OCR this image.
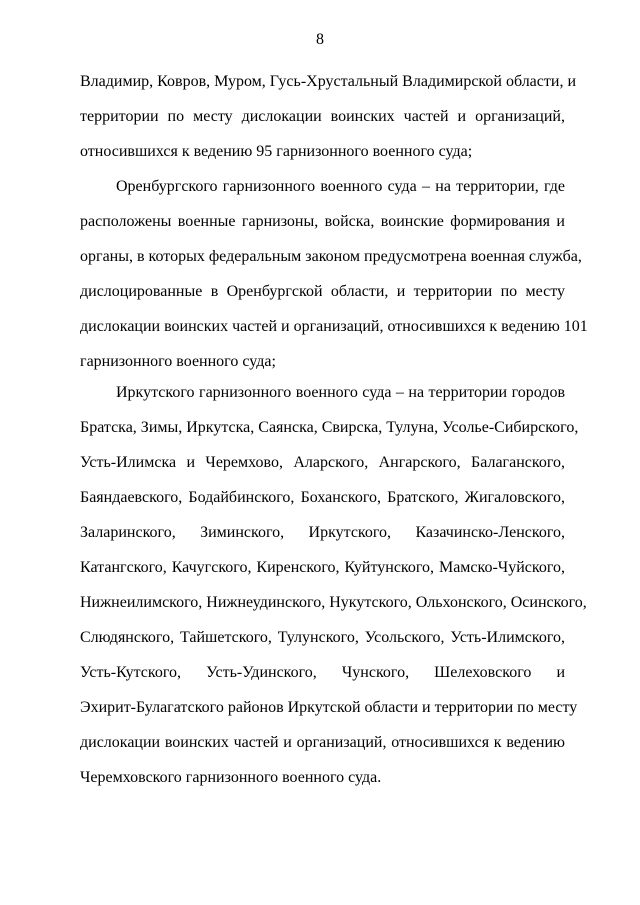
8
Владимир, Ковров, Муром, Гусь-Хрустальный Владимирской области, и
территории по месту дислокации воинских частей и организаций,
относившихся к ведению 95 гарнизонного военного суда;
Оренбургского гарнизонного военного суда – на территории, где
расположены военные гарнизоны, войска, воинские формирования и
органы, в которых федеральным законом предусмотрена военная служба,
дислоцированные в Оренбургской области, и территории по месту
дислокации воинских частей и организаций, относившихся к ведению 101
гарнизонного военного суда;
Иркутского гарнизонного военного суда – на территории городов
Братска, Зимы, Иркутска, Саянска, Свирска, Тулуна, Усолье-Сибирского,
Усть-Илимска и Черемхово, Аларского, Ангарского, Балаганского,
Баяндаевского, Бодайбинского, Боханского, Братского, Жигаловского,
Заларинского, Зиминского, Иркутского, Казачинско-Ленского,
Катангского, Качугского, Киренского, Куйтунского, Мамско-Чуйского,
Нижнеилимского, Нижнеудинского, Нукутского, Ольхонского, Осинского,
Слюдянского, Тайшетского, Тулунского, Усольского, Усть-Илимского,
Усть-Кутского, Усть-Удинского, Чунского, Шелеховского и
Эхирит-Булагатского районов Иркутской области и территории по месту
дислокации воинских частей и организаций, относившихся к ведению
Черемховского гарнизонного военного суда.
